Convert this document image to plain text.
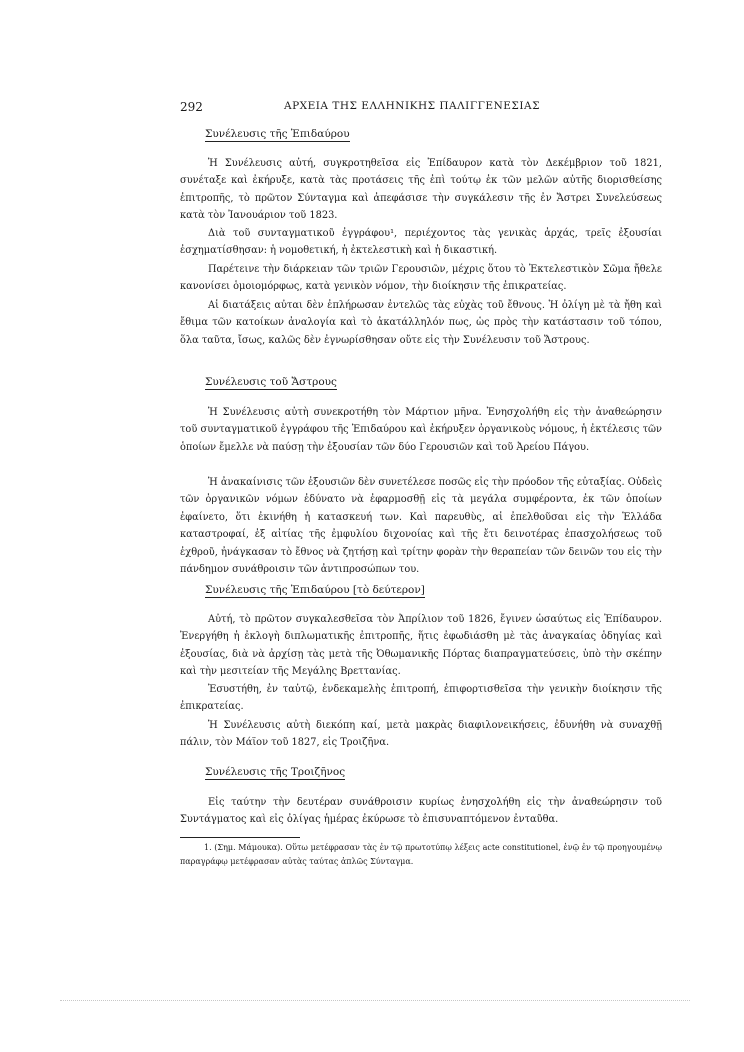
292	ΑΡΧΕΙΑ ΤΗΣ ΕΛΛΗΝΙΚΗΣ ΠΑΛΙΓΓΕΝΕΣΙΑΣ
Συνέλευσις τῆς Ἐπιδαύρου

Ἡ Συνέλευσις αὐτή, συγκροτηθεῖσα εἰς Ἐπίδαυρον κατὰ τὸν Δεκέμβριον τοῦ 1821, συνέταξε καὶ ἐκήρυξε, κατὰ τὰς προτάσεις τῆς ἐπὶ τούτῳ ἐκ τῶν μελῶν αὐτῆς διορισθείσης ἐπιτροπῆς, τὸ πρῶτον Σύνταγμα καὶ ἀπεφάσισε τὴν συγκάλεσιν τῆς ἐν Ἄστρει Συνελεύσεως κατὰ τὸν Ἰανουάριον τοῦ 1823.

Διὰ τοῦ συνταγματικοῦ ἐγγράφου¹, περιέχοντος τὰς γενικὰς ἀρχάς, τρεῖς ἐξουσίαι ἐσχηματίσθησαν: ἡ νομοθετική, ἡ ἐκτελεστικὴ καὶ ἡ δικαστική.

Παρέτεινε τὴν διάρκειαν τῶν τριῶν Γερουσιῶν, μέχρις ὅτου τὸ Ἐκτελεστικὸν Σῶμα ἤθελε κανονίσει ὁμοιομόρφως, κατὰ γενικὸν νόμον, τὴν διοίκησιν τῆς ἐπικρατείας.

Αἱ διατάξεις αὐται δὲν ἐπλήρωσαν ἐντελῶς τὰς εὐχὰς τοῦ ἔθνους. Ἡ ὀλίγη μὲ τὰ ἤθη καὶ ἔθιμα τῶν κατοίκων ἀναλογία καὶ τὸ ἀκατάλληλόν πως, ὡς πρὸς τὴν κατάστασιν τοῦ τόπου, ὅλα ταῦτα, ἴσως, καλῶς δὲν ἐγνωρίσθησαν οὔτε εἰς τὴν Συνέλευσιν τοῦ Ἄστρους.

Συνέλευσις τοῦ Ἄστρους

Ἡ Συνέλευσις αὐτὴ συνεκροτήθη τὸν Μάρτιον μῆνα. Ἐνησχολήθη εἰς τὴν ἀναθεώρησιν τοῦ συνταγματικοῦ ἐγγράφου τῆς Ἐπιδαύρου καὶ ἐκήρυξεν ὀργανικοὺς νόμους, ἡ ἐκτέλεσις τῶν ὁποίων ἔμελλε νὰ παύσῃ τὴν ἐξουσίαν τῶν δύο Γερουσιῶν καὶ τοῦ Ἀρείου Πάγου.

Ἡ ἀνακαίνισις τῶν ἐξουσιῶν δὲν συνετέλεσε ποσῶς εἰς τὴν πρόοδον τῆς εὐταξίας. Οὐδεὶς τῶν ὀργανικῶν νόμων ἐδύνατο νὰ ἐφαρμοσθῇ εἰς τὰ μεγάλα συμφέροντα, ἐκ τῶν ὁποίων ἐφαίνετο, ὅτι ἐκινήθη ἡ κατασκευή των. Καὶ παρευθὺς, αἱ ἐπελθοῦσαι εἰς τὴν Ἑλλάδα καταστροφαί, ἐξ αἰτίας τῆς ἐμφυλίου διχονοίας καὶ τῆς ἔτι δεινοτέρας ἐπασχολήσεως τοῦ ἐχθροῦ, ἠνάγκασαν τὸ ἔθνος νὰ ζητήσῃ καὶ τρίτην φορὰν τὴν θεραπείαν τῶν δεινῶν του εἰς τὴν πάνδημον συνάθροισιν τῶν ἀντιπροσώπων του.

Συνέλευσις τῆς Ἐπιδαύρου [τὸ δεύτερον]

Αὐτή, τὸ πρῶτον συγκαλεσθεῖσα τὸν Ἀπρίλιον τοῦ 1826, ἔγινεν ὡσαύτως εἰς Ἐπίδαυρον. Ἐνεργήθη ἡ ἐκλογὴ διπλωματικῆς ἐπιτροπῆς, ἥτις ἐφωδιάσθη μὲ τὰς ἀναγκαίας ὁδηγίας καὶ ἐξουσίας, διὰ νὰ ἀρχίσῃ τὰς μετὰ τῆς Ὀθωμανικῆς Πόρτας διαπραγματεύσεις, ὑπὸ τὴν σκέπην καὶ τὴν μεσιτείαν τῆς Μεγάλης Βρεττανίας.

Ἐσυστήθη, ἐν ταὐτῷ, ἑνδεκαμελὴς ἐπιτροπή, ἐπιφορτισθεῖσα τὴν γενικὴν διοίκησιν τῆς ἐπικρατείας.

Ἡ Συνέλευσις αὐτὴ διεκόπη καί, μετὰ μακρὰς διαφιλονεικήσεις, ἐδυνήθη νὰ συναχθῇ πάλιν, τὸν Μάϊον τοῦ 1827, εἰς Τροιζῆνα.

Συνέλευσις τῆς Τροιζῆνος

Εἰς ταύτην τὴν δευτέραν συνάθροισιν κυρίως ἐνησχολήθη εἰς τὴν ἀναθεώρησιν τοῦ Συντάγματος καὶ εἰς ὀλίγας ἡμέρας ἐκύρωσε τὸ ἐπισυναπτόμενον ἐνταῦθα.

1. (Σημ. Μάμουκα). Οὕτω μετέφρασαν τὰς ἐν τῷ πρωτοτύπῳ λέξεις acte constitutionel, ἐνῷ ἐν τῷ προηγουμένῳ παραγράφῳ μετέφρασαν αὐτὰς ταύτας ἁπλῶς Σύνταγμα.
